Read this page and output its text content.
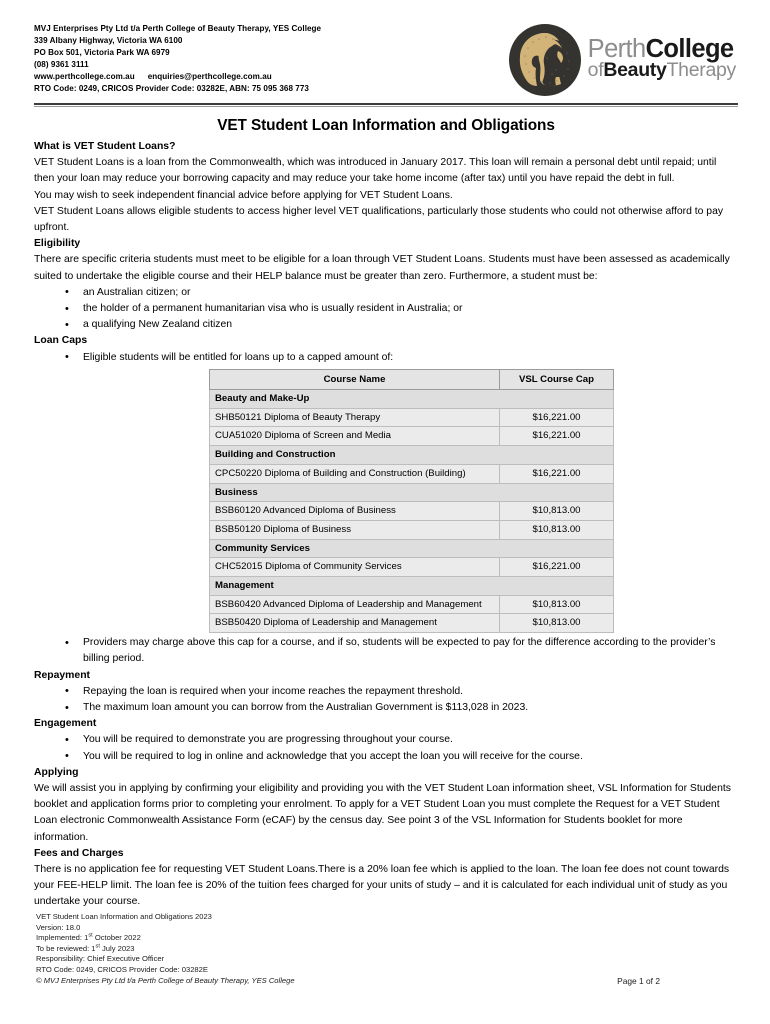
MVJ Enterprises Pty Ltd t/a Perth College of Beauty Therapy, YES College
339 Albany Highway, Victoria WA 6100
PO Box 501, Victoria Park WA 6979
(08) 9361 3111
www.perthcollege.com.au enquiries@perthcollege.com.au
RTO Code: 0249, CRICOS Provider Code: 03282E, ABN: 75 095 368 773
PerthCollege
ofBeautyTherapy
VET Student Loan Information and Obligations
What is VET Student Loans?

VET Student Loans is a loan from the Commonwealth, which was introduced in January 2017. This loan will remain a personal debt until repaid; until then your loan may reduce your borrowing capacity and may reduce your take home income (after tax) until you have repaid the debt in full.

You may wish to seek independent financial advice before applying for VET Student Loans.

VET Student Loans allows eligible students to access higher level VET qualifications, particularly those students who could not otherwise afford to pay upfront.

Eligibility

There are specific criteria students must meet to be eligible for a loan through VET Student Loans. Students must have been assessed as academically suited to undertake the eligible course and their HELP balance must be greater than zero. Furthermore, a student must be:

• an Australian citizen; or
• the holder of a permanent humanitarian visa who is usually resident in Australia; or
• a qualifying New Zealand citizen
Loan Caps
• Eligible students will be entitled for loans up to a capped amount of:
Course Name	VSL Course Cap
Beauty and Make-Up	
SHB50121 Diploma of Beauty Therapy	$16,221.00
CUA51020 Diploma of Screen and Media	$16,221.00
Building and Construction	
CPC50220 Diploma of Building and Construction (Building)	$16,221.00
Business	
BSB60120 Advanced Diploma of Business	$10,813.00
BSB50120 Diploma of Business	$10,813.00
Community Services	
CHC52015 Diploma of Community Services	$16,221.00
Management	
BSB60420 Advanced Diploma of Leadership and Management	$10,813.00
BSB50420 Diploma of Leadership and Management	$10,813.00
• Providers may charge above this cap for a course, and if so, students will be expected to pay for the difference according to the provider’s billing period.
Repayment
• Repaying the loan is required when your income reaches the repayment threshold.
• The maximum loan amount you can borrow from the Australian Government is $113,028 in 2023.
Engagement
• You will be required to demonstrate you are progressing throughout your course.
• You will be required to log in online and acknowledge that you accept the loan you will receive for the course.
Applying

We will assist you in applying by confirming your eligibility and providing you with the VET Student Loan information sheet, VSL Information for Students booklet and application forms prior to completing your enrolment. To apply for a VET Student Loan you must complete the Request for a VET Student Loan electronic Commonwealth Assistance Form (eCAF) by the census day. See point 3 of the VSL Information for Students booklet for more information.

Fees and Charges

There is no application fee for requesting VET Student Loans.There is a 20% loan fee which is applied to the loan. The loan fee does not count towards your FEE-HELP limit. The loan fee is 20% of the tuition fees charged for your units of study – and it is calculated for each individual unit of study as you undertake your course.

VET Student Loan Information and Obligations 2023
Version: 18.0
Implemented: 1st October 2022
To be reviewed: 1st July 2023
Responsibility: Chief Executive Officer
RTO Code: 0249, CRICOS Provider Code: 03282E
© MVJ Enterprises Pty Ltd t/a Perth College of Beauty Therapy, YES College	Page 1 of 2
